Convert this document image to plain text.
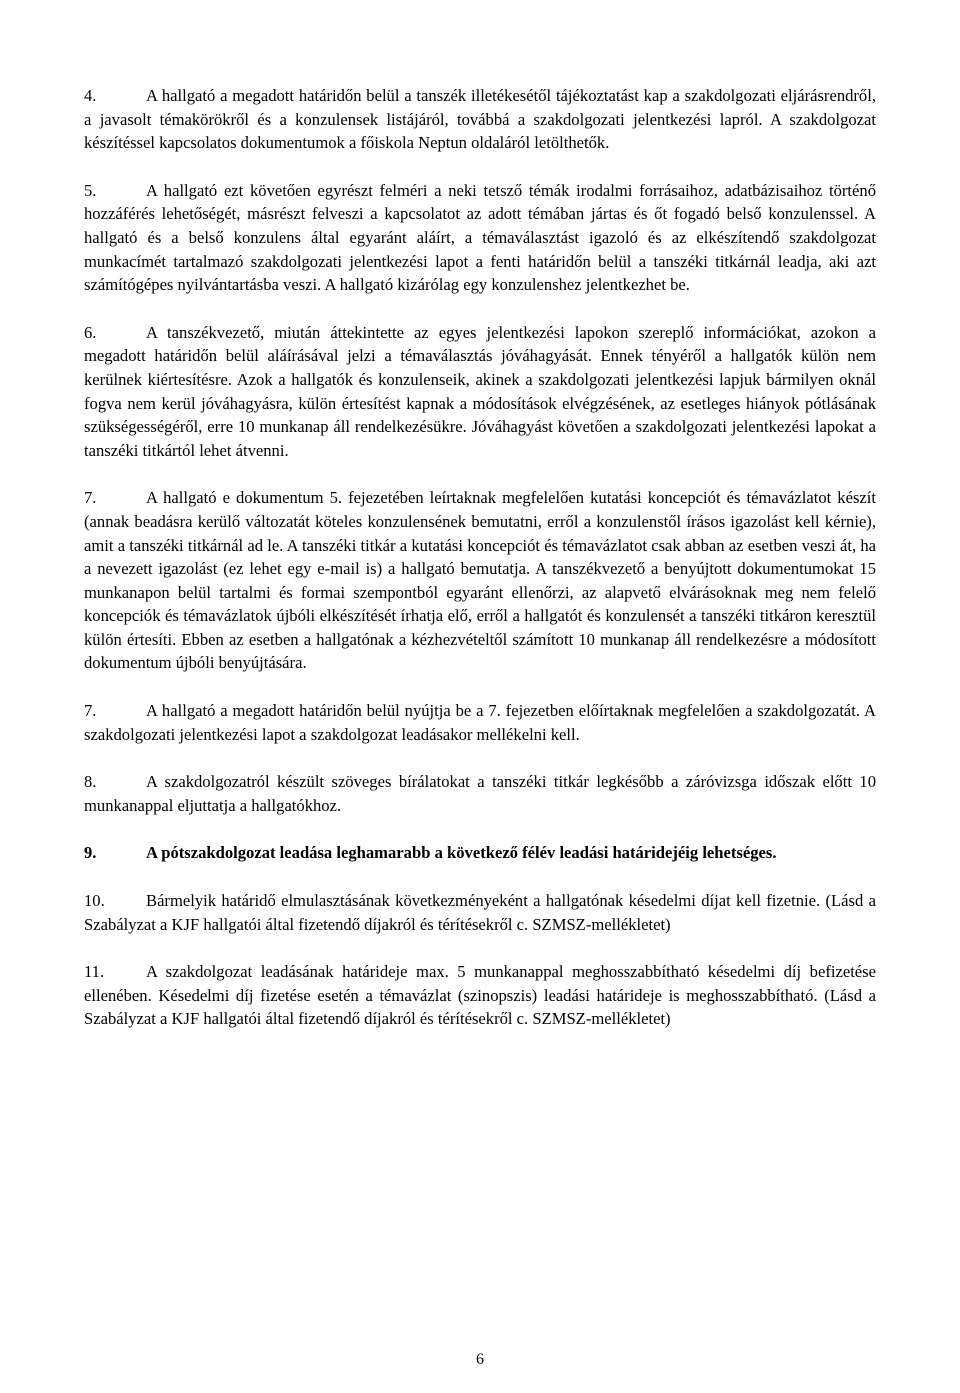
4.	A hallgató a megadott határidőn belül a tanszék illetékesétől tájékoztatást kap a szakdolgozati eljárásrendről, a javasolt témakörökről és a konzulensek listájáról, továbbá a szakdolgozati jelentkezési lapról. A szakdolgozat készítéssel kapcsolatos dokumentumok a főiskola Neptun oldaláról letölthetők.

5.	A hallgató ezt követően egyrészt felméri a neki tetsző témák irodalmi forrásaihoz, adatbázisaihoz történő hozzáférés lehetőségét, másrészt felveszi a kapcsolatot az adott témában jártas és őt fogadó belső konzulenssel. A hallgató és a belső konzulens által egyaránt aláírt, a témaválasztást igazoló és az elkészítendő szakdolgozat munkacímét tartalmazó szakdolgozati jelentkezési lapot a fenti határidőn belül a tanszéki titkárnál leadja, aki azt számítógépes nyilvántartásba veszi. A hallgató kizárólag egy konzulenshez jelentkezhet be.

6.	A tanszékvezető, miután áttekintette az egyes jelentkezési lapokon szereplő információkat, azokon a megadott határidőn belül aláírásával jelzi a témaválasztás jóváhagyását. Ennek tényéről a hallgatók külön nem kerülnek kiértesítésre. Azok a hallgatók és konzulenseik, akinek a szakdolgozati jelentkezési lapjuk bármilyen oknál fogva nem kerül jóváhagyásra, külön értesítést kapnak a módosítások elvégzésének, az esetleges hiányok pótlásának szükségességéről, erre 10 munkanap áll rendelkezésükre. Jóváhagyást követően a szakdolgozati jelentkezési lapokat a tanszéki titkártól lehet átvenni.

7.	A hallgató e dokumentum 5. fejezetében leírtaknak megfelelően kutatási koncepciót és témavázlatot készít (annak beadásra kerülő változatát köteles konzulensének bemutatni, erről a konzulenstől írásos igazolást kell kérnie), amit a tanszéki titkárnál ad le. A tanszéki titkár a kutatási koncepciót és témavázlatot csak abban az esetben veszi át, ha a nevezett igazolást (ez lehet egy e-mail is) a hallgató bemutatja. A tanszékvezető a benyújtott dokumentumokat 15 munkanapon belül tartalmi és formai szempontból egyaránt ellenőrzi, az alapvető elvárásoknak meg nem felelő koncepciók és témavázlatok újbóli elkészítését írhatja elő, erről a hallgatót és konzulensét a tanszéki titkáron keresztül külön értesíti. Ebben az esetben a hallgatónak a kézhezvételtől számított 10 munkanap áll rendelkezésre a módosított dokumentum újbóli benyújtására.

7.	A hallgató a megadott határidőn belül nyújtja be a 7. fejezetben előírtaknak megfelelően a szakdolgozatát. A szakdolgozati jelentkezési lapot a szakdolgozat leadásakor mellékelni kell.

8.	A szakdolgozatról készült szöveges bírálatokat a tanszéki titkár legkésőbb a záróvizsga időszak előtt 10 munkanappal eljuttatja a hallgatókhoz.

9.	A pótszakdolgozat leadása leghamarabb a következő félév leadási határidejéig lehetséges.

10. Bármelyik határidő elmulasztásának következményeként a hallgatónak késedelmi díjat kell fizetnie. (Lásd a Szabályzat a KJF hallgatói által fizetendő díjakról és térítésekről c. SZMSZ-mellékletet)

11.	A szakdolgozat leadásának határideje max. 5 munkanappal meghosszabbítható késedelmi díj befizetése ellenében. Késedelmi díj fizetése esetén a témavázlat (szinopszis) leadási határideje is meghosszabbítható. (Lásd a Szabályzat a KJF hallgatói által fizetendő díjakról és térítésekről c. SZMSZ-mellékletet)

6
